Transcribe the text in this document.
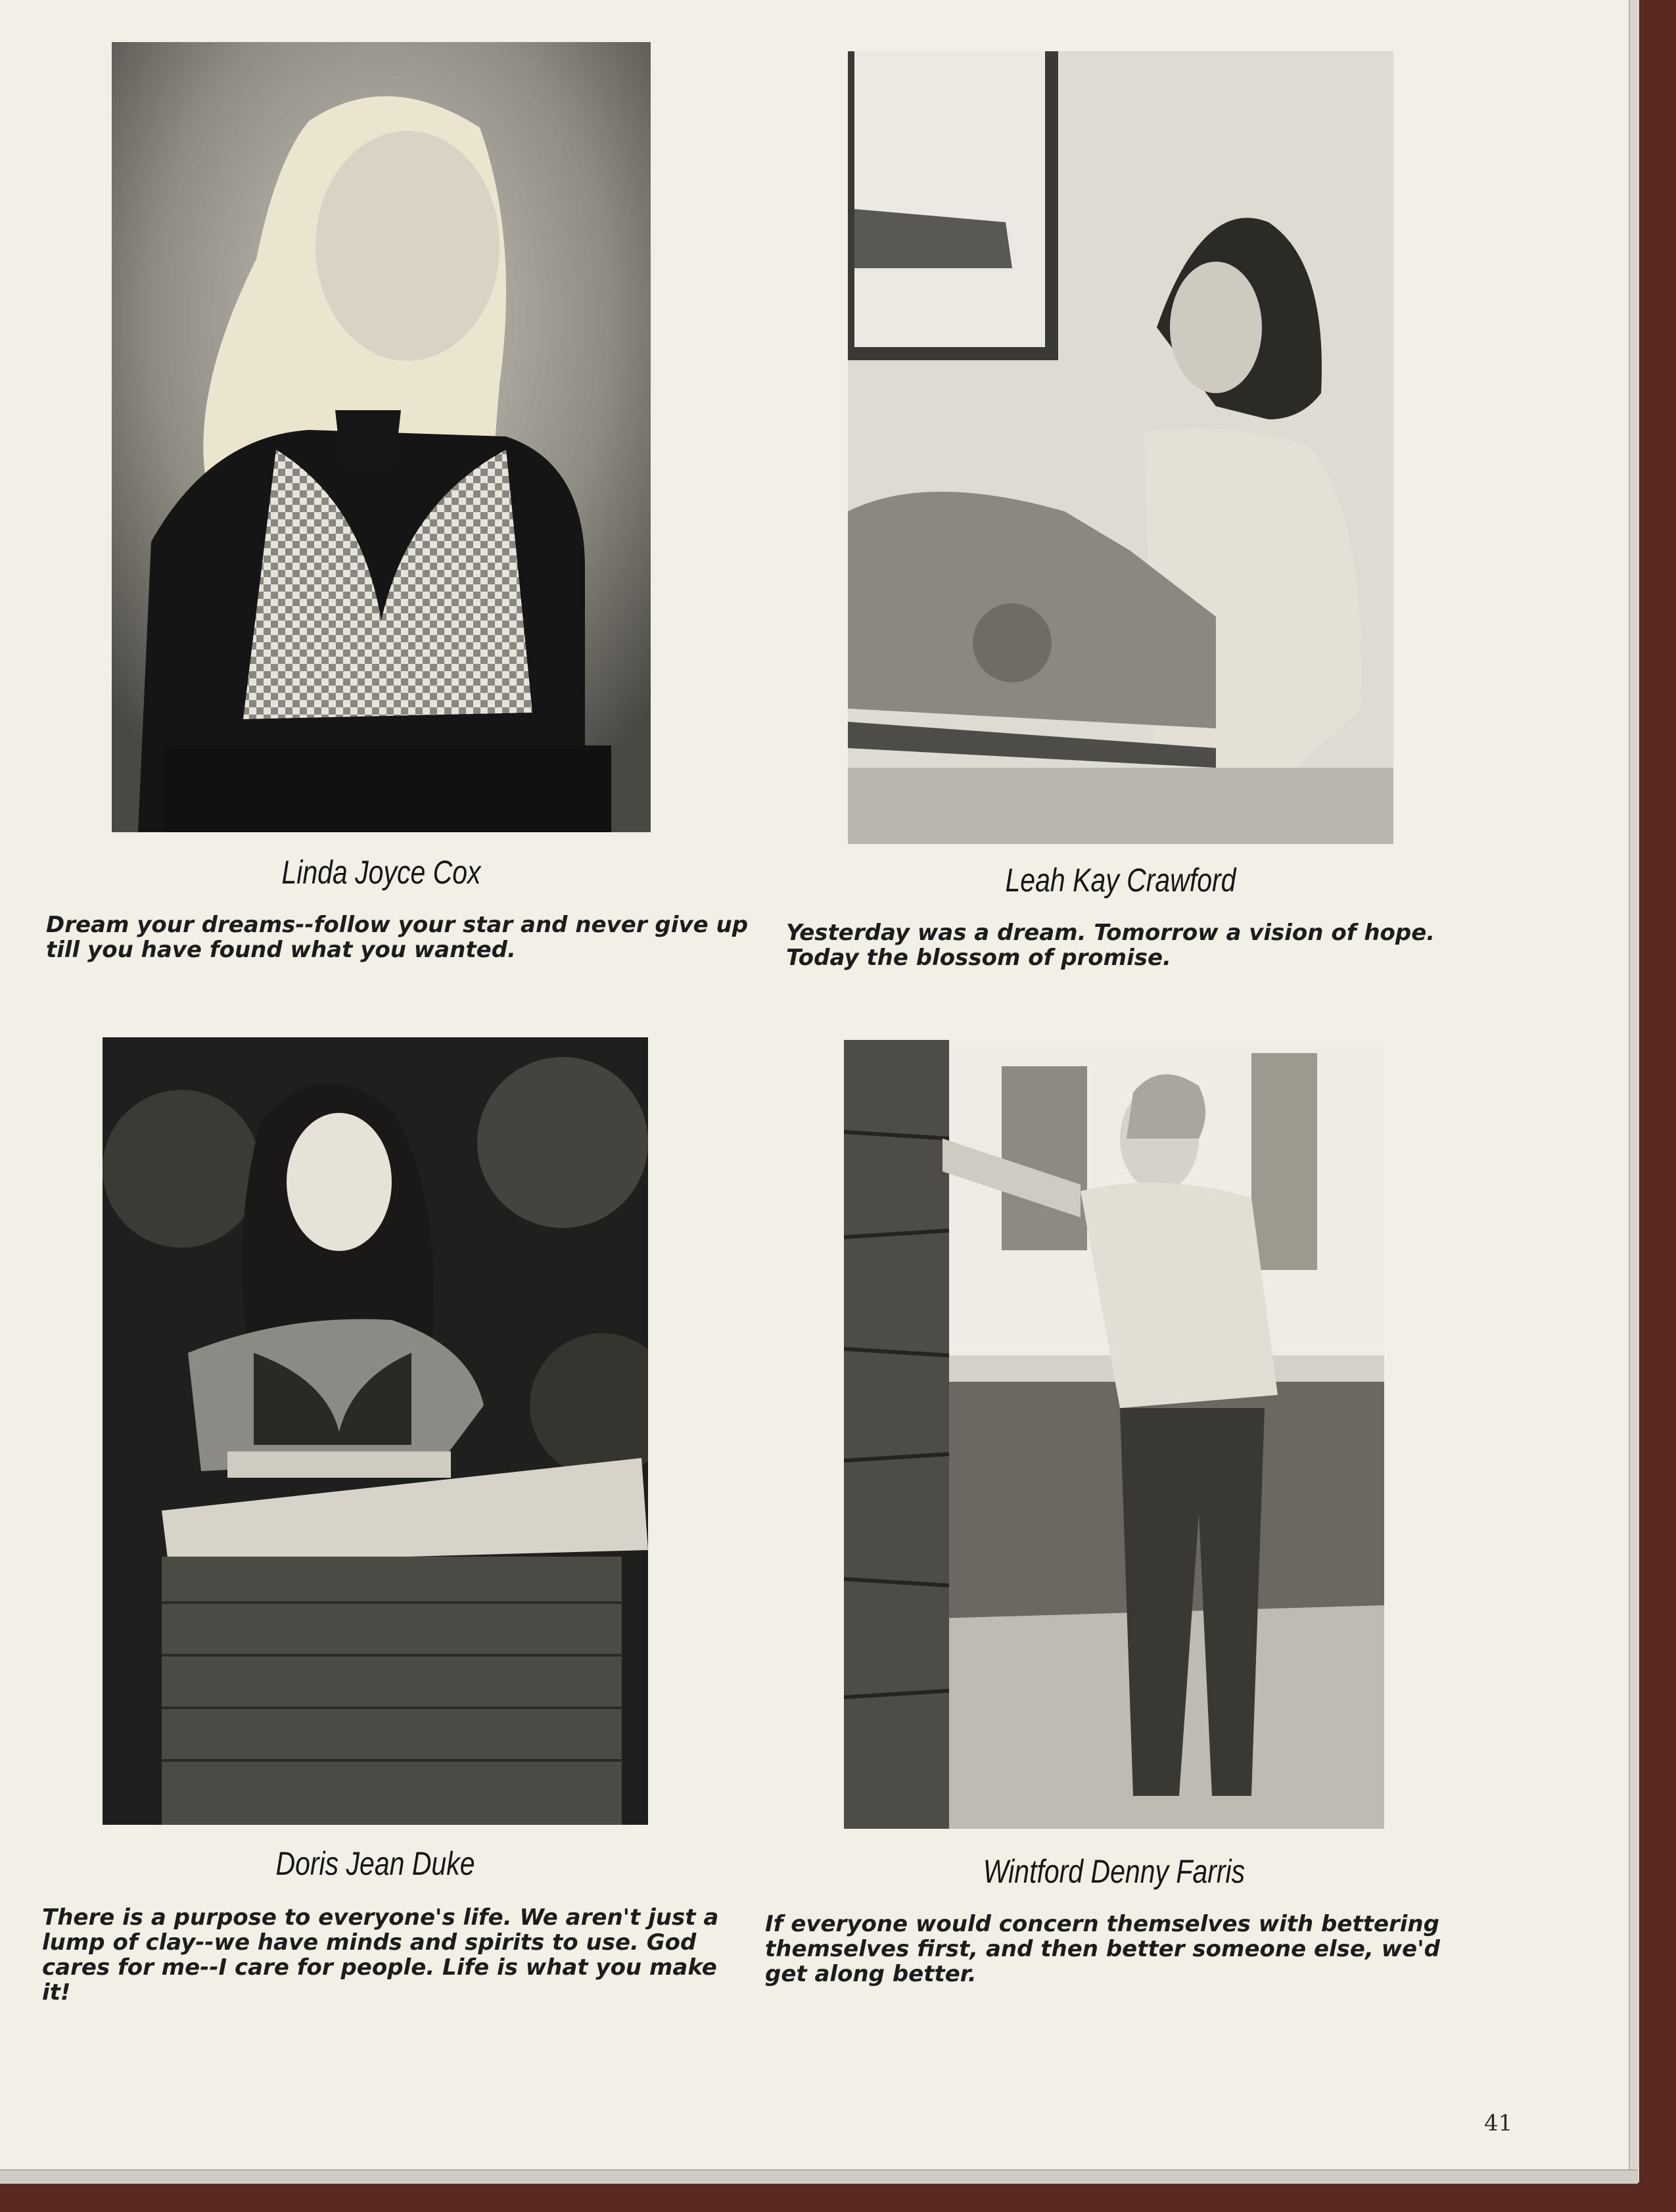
Linda Joyce Cox	Leah Kay Crawford
Doris Jean Duke	Wintford Denny Farris

Dream your dreams--follow your star and never give up till you have found what you wanted.

Yesterday was a dream. Tomorrow a vision of hope. Today the blossom of promise.

There is a purpose to everyone's life. We aren't just a lump of clay--we have minds and spirits to use. God cares for me--I care for people. Life is what you make it!

If everyone would concern themselves with bettering themselves first, and then better someone else, we'd get along better.

41
